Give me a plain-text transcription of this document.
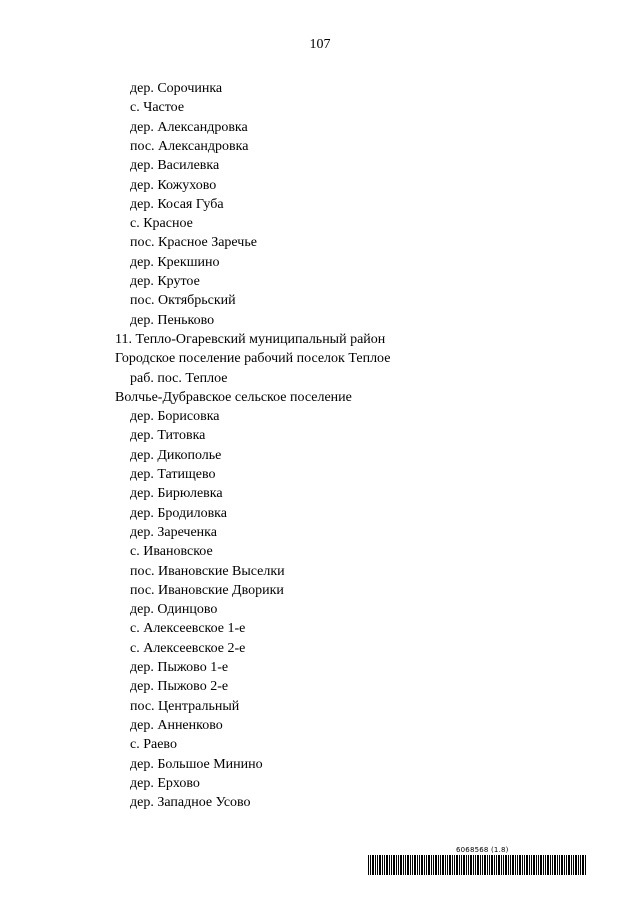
107
дер. Сорочинка
с. Частое
дер. Александровка
пос. Александровка
дер. Василевка
дер. Кожухово
дер. Косая Губа
с. Красное
пос. Красное Заречье
дер. Крекшино
дер. Крутое
пос. Октябрьский
дер. Пеньково
11. Тепло-Огаревский муниципальный район
Городское поселение рабочий поселок Теплое
раб. пос. Теплое
Волчье-Дубравское сельское поселение
дер. Борисовка
дер. Титовка
дер. Дикополье
дер. Татищево
дер. Бирюлевка
дер. Бродиловка
дер. Зареченка
с. Ивановское
пос. Ивановские Выселки
пос. Ивановские Дворики
дер. Одинцово
с. Алексеевское 1-е
с. Алексеевское 2-е
дер. Пыжово 1-е
дер. Пыжово 2-е
пос. Центральный
дер. Анненково
с. Раево
дер. Большое Минино
дер. Ерхово
дер. Западное Усово
6068568 (1.8)
